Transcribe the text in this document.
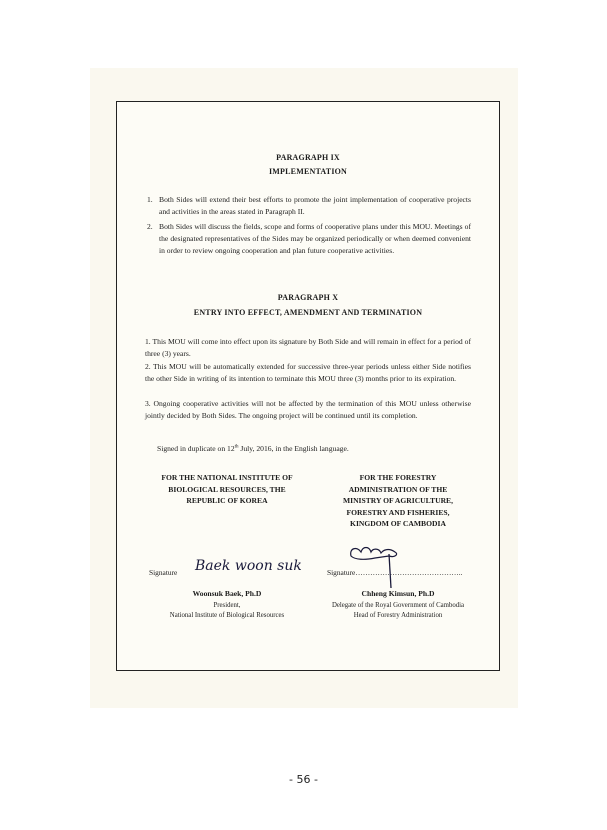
PARAGRAPH IX
IMPLEMENTATION
1. Both Sides will extend their best efforts to promote the joint implementation of cooperative projects and activities in the areas stated in Paragraph II.
2. Both Sides will discuss the fields, scope and forms of cooperative plans under this MOU. Meetings of the designated representatives of the Sides may be organized periodically or when deemed convenient in order to review ongoing cooperation and plan future cooperative activities.
PARAGRAPH X
ENTRY INTO EFFECT, AMENDMENT AND TERMINATION
1. This MOU will come into effect upon its signature by Both Side and will remain in effect for a period of three (3) years.
2. This MOU will be automatically extended for successive three-year periods unless either Side notifies the other Side in writing of its intention to terminate this MOU three (3) months prior to its expiration.
3. Ongoing cooperative activities will not be affected by the termination of this MOU unless otherwise jointly decided by Both Sides. The ongoing project will be continued until its completion.
Signed in duplicate on 12th July, 2016, in the English language.
FOR THE NATIONAL INSTITUTE OF
BIOLOGICAL RESOURCES, THE
REPUBLIC OF KOREA
FOR THE FORESTRY
ADMINISTRATION OF THE
MINISTRY OF AGRICULTURE,
FORESTRY AND FISHERIES,
KINGDOM OF CAMBODIA
Signature Baek woon suk
Woonsuk Baek, Ph.D
President,
National Institute of Biological Resources
Signature……………………………………..
Chheng Kimsun, Ph.D
Delegate of the Royal Government of Cambodia
Head of Forestry Administration
- 56 -
